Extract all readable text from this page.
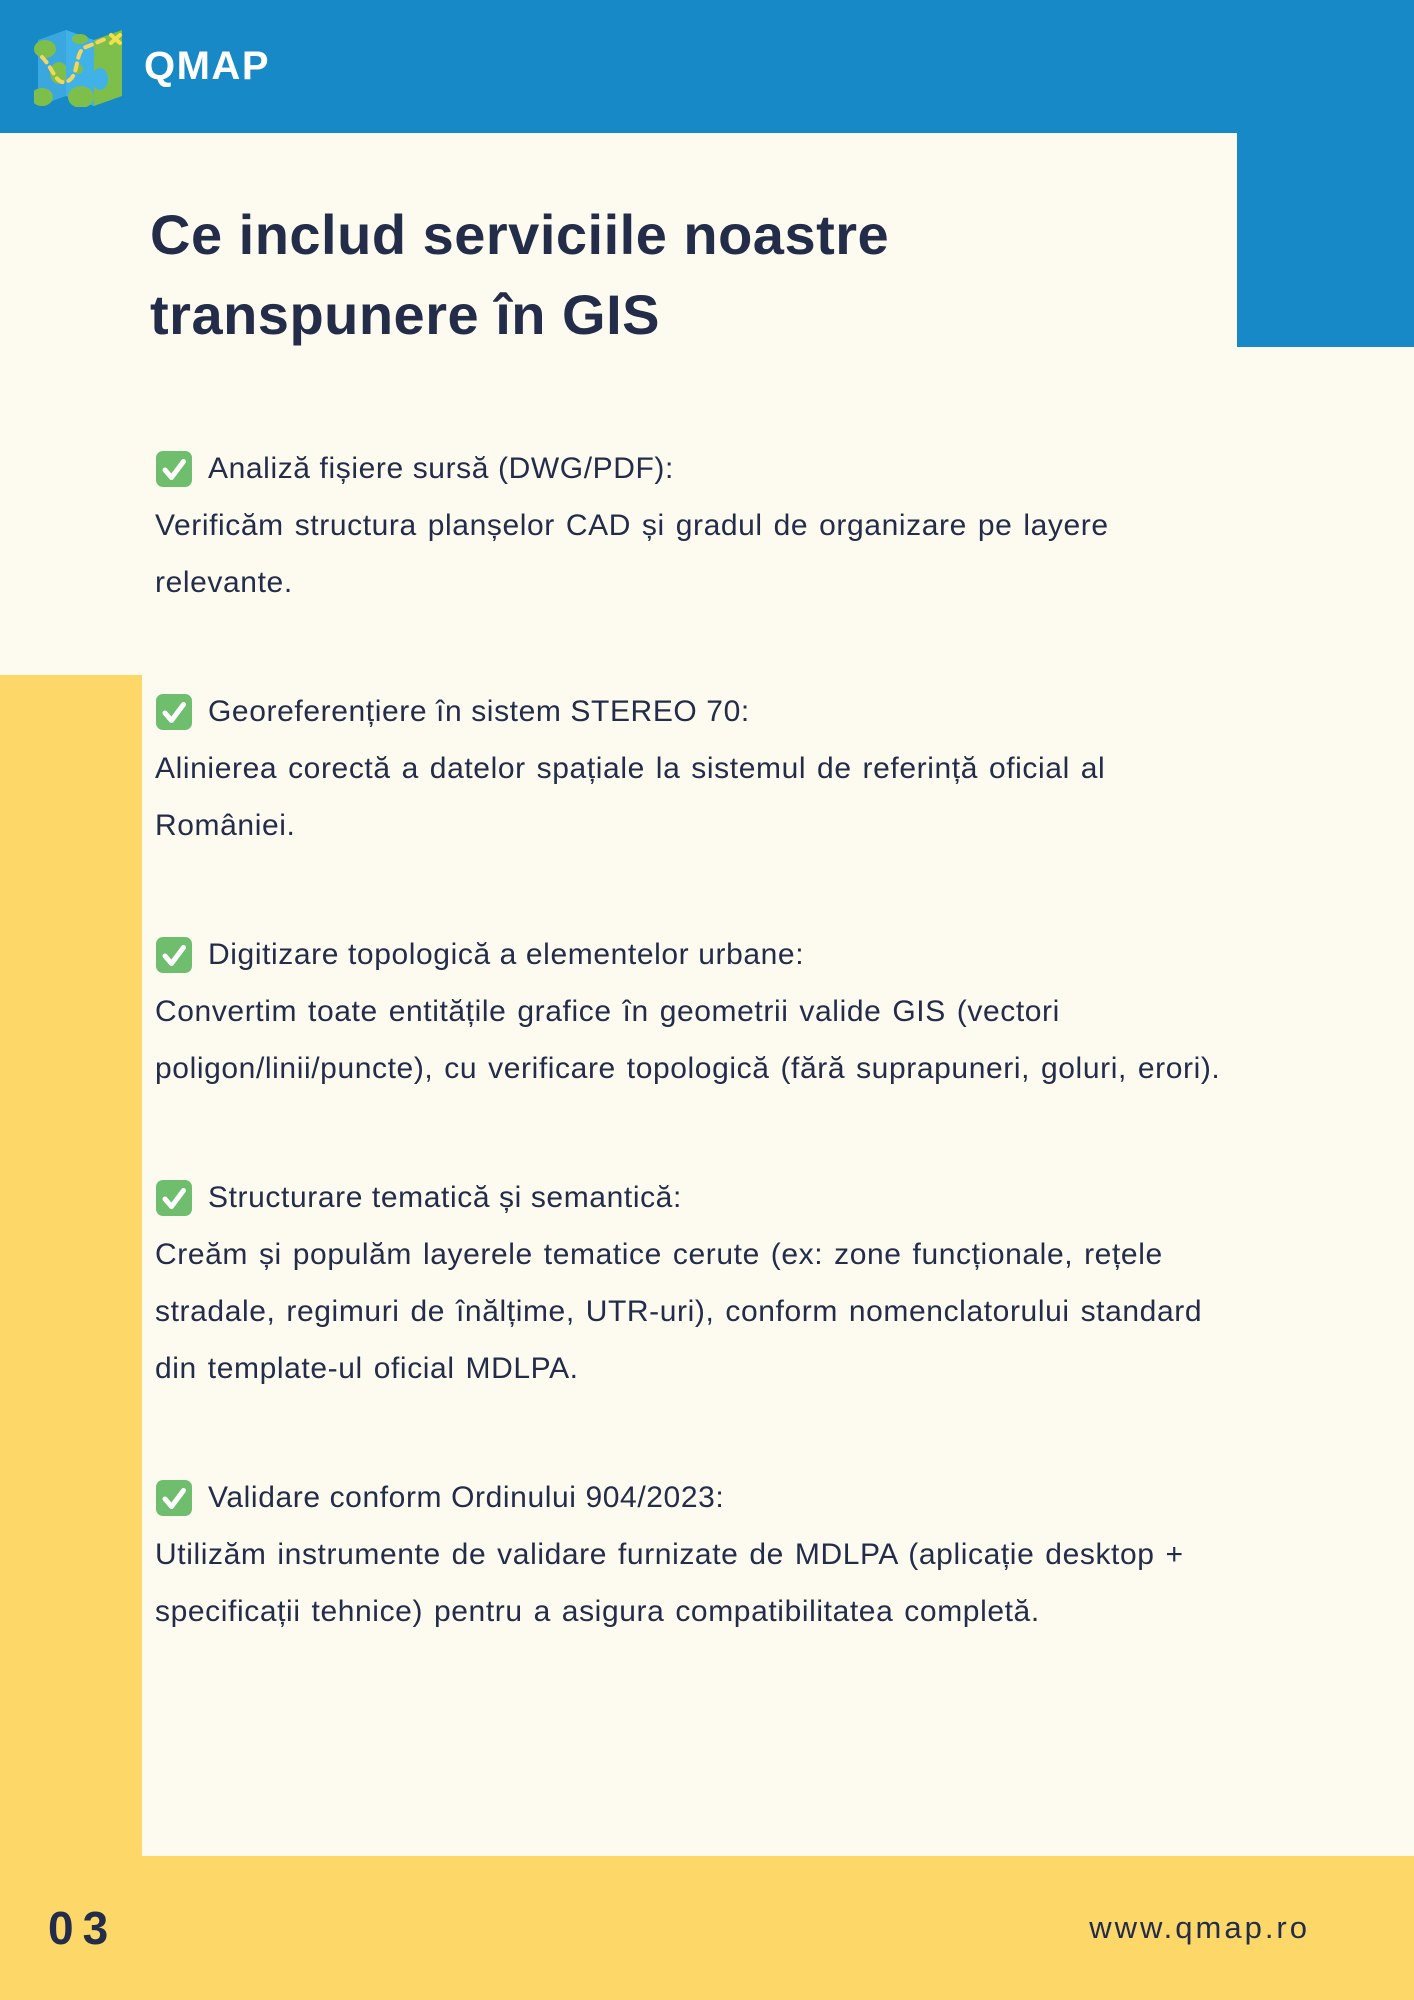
QMAP
Ce includ serviciile noastre
transpunere în GIS
Analiză fișiere sursă (DWG/PDF):
Verificăm structura planșelor CAD și gradul de organizare pe layere relevante.
Georeferențiere în sistem STEREO 70:
Alinierea corectă a datelor spațiale la sistemul de referință oficial al României.
Digitizare topologică a elementelor urbane:
Convertim toate entitățile grafice în geometrii valide GIS (vectori poligon/linii/puncte), cu verificare topologică (fără suprapuneri, goluri, erori).
Structurare tematică și semantică:
Creăm și populăm layerele tematice cerute (ex: zone funcționale, rețele stradale, regimuri de înălțime, UTR-uri), conform nomenclatorului standard din template-ul oficial MDLPA.
Validare conform Ordinului 904/2023:
Utilizăm instrumente de validare furnizate de MDLPA (aplicație desktop + specificații tehnice) pentru a asigura compatibilitatea completă.
03	www.qmap.ro
